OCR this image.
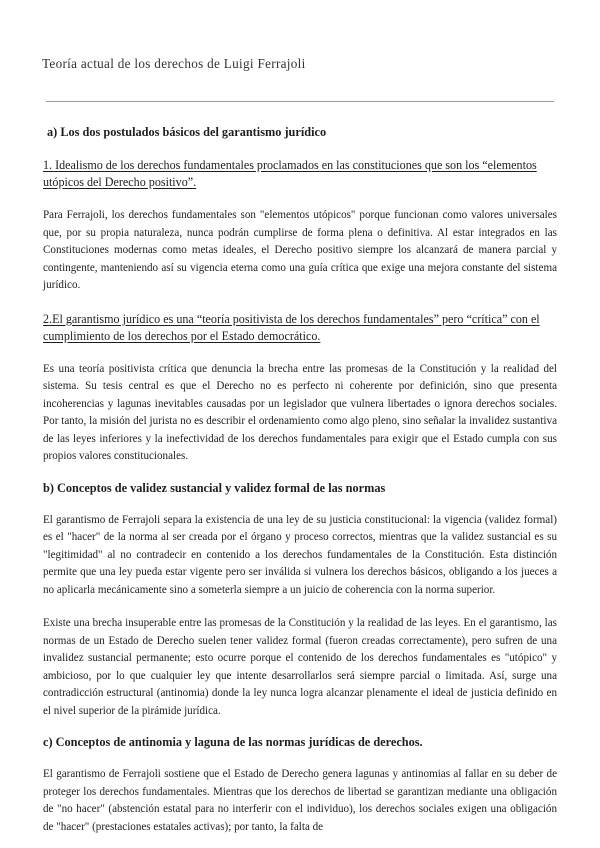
Teoría actual de los derechos de Luigi Ferrajoli

a) Los dos postulados básicos del garantismo jurídico

1. Idealismo de los derechos fundamentales proclamados en las constituciones que son los “elementos utópicos del Derecho positivo”.

Para Ferrajoli, los derechos fundamentales son "elementos utópicos" porque funcionan como valores universales que, por su propia naturaleza, nunca podrán cumplirse de forma plena o definitiva. Al estar integrados en las Constituciones modernas como metas ideales, el Derecho positivo siempre los alcanzará de manera parcial y contingente, manteniendo así su vigencia eterna como una guía crítica que exige una mejora constante del sistema jurídico.

2.El garantismo jurídico es una “teoría positivista de los derechos fundamentales” pero “crítica” con el cumplimiento de los derechos por el Estado democrático.

Es una teoría positivista crítica que denuncia la brecha entre las promesas de la Constitución y la realidad del sistema. Su tesis central es que el Derecho no es perfecto ni coherente por definición, sino que presenta incoherencias y lagunas inevitables causadas por un legislador que vulnera libertades o ignora derechos sociales. Por tanto, la misión del jurista no es describir el ordenamiento como algo pleno, sino señalar la invalidez sustantiva de las leyes inferiores y la inefectividad de los derechos fundamentales para exigir que el Estado cumpla con sus propios valores constitucionales.

b) Conceptos de validez sustancial y validez formal de las normas

El garantismo de Ferrajoli separa la existencia de una ley de su justicia constitucional: la vigencia (validez formal) es el "hacer" de la norma al ser creada por el órgano y proceso correctos, mientras que la validez sustancial es su "legitimidad" al no contradecir en contenido a los derechos fundamentales de la Constitución. Esta distinción permite que una ley pueda estar vigente pero ser inválida si vulnera los derechos básicos, obligando a los jueces a no aplicarla mecánicamente sino a someterla siempre a un juicio de coherencia con la norma superior.

Existe una brecha insuperable entre las promesas de la Constitución y la realidad de las leyes. En el garantismo, las normas de un Estado de Derecho suelen tener validez formal (fueron creadas correctamente), pero sufren de una invalidez sustancial permanente; esto ocurre porque el contenido de los derechos fundamentales es "utópico" y ambicioso, por lo que cualquier ley que intente desarrollarlos será siempre parcial o limitada. Así, surge una contradicción estructural (antinomia) donde la ley nunca logra alcanzar plenamente el ideal de justicia definido en el nivel superior de la pirámide jurídica.

c) Conceptos de antinomia y laguna de las normas jurídicas de derechos.

El garantismo de Ferrajoli sostiene que el Estado de Derecho genera lagunas y antinomias al fallar en su deber de proteger los derechos fundamentales. Mientras que los derechos de libertad se garantizan mediante una obligación de "no hacer" (abstención estatal para no interferir con el individuo), los derechos sociales exigen una obligación de "hacer" (prestaciones estatales activas); por tanto, la falta de
